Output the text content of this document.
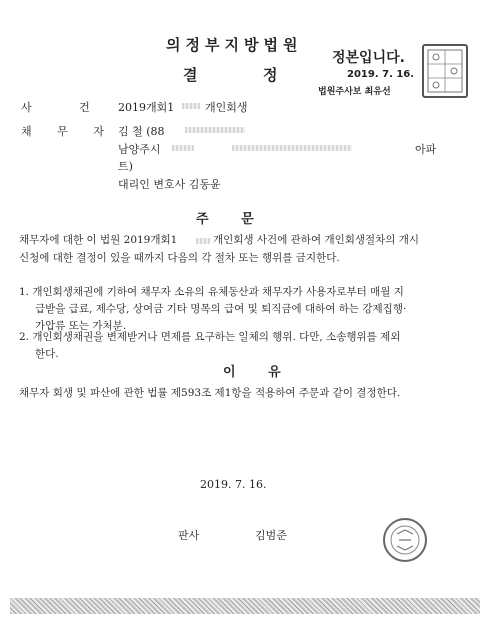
의정부지방법원
결	정
정본입니다.
2019. 7. 16.
법원주사보 최유선
사 건 2019개회1	개인회생
채 무 자 김 철 (88
남양주시	아파
트)
대리인 변호사 김동윤
주 문
채무자에 대한 이 법원 2019개회1	개인회생 사건에 관하여 개인회생절차의 개시
신청에 대한 결정이 있을 때까지 다음의 각 절차 또는 행위를 금지한다.
1. 개인회생채권에 기하여 채무자 소유의 유체동산과 채무자가 사용자로부터 매월 지
급받을 급료, 제수당, 상여금 기타 명목의 급여 및 퇴직금에 대하여 하는 강제집행·
가압류 또는 가처분.
2. 개인회생채권을 변제받거나 면제를 요구하는 일체의 행위. 다만, 소송행위를 제외
한다.
이 유
채무자 회생 및 파산에 관한 법률 제593조 제1항을 적용하여 주문과 같이 결정한다.
2019. 7. 16.
판사	김범준
